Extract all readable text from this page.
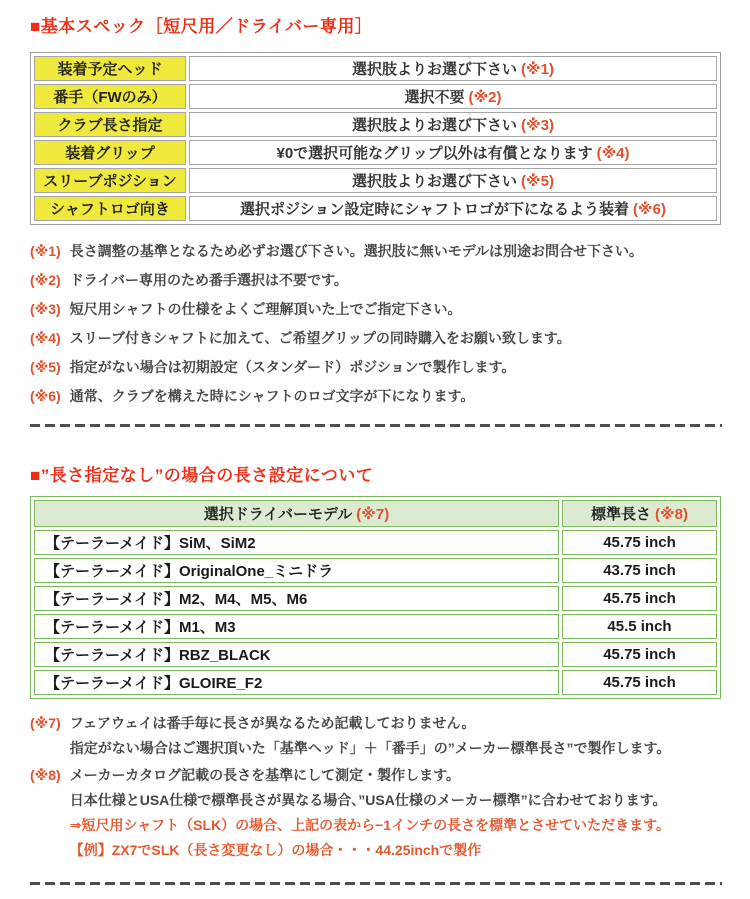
■基本スペック［短尺用／ドライバー専用］
装着予定ヘッド	選択肢よりお選び下さい (※1)
番手（FWのみ）	選択不要 (※2)
クラブ長さ指定	選択肢よりお選び下さい (※3)
装着グリップ	¥0で選択可能なグリップ以外は有償となります (※4)
スリーブポジション	選択肢よりお選び下さい (※5)
シャフトロゴ向き	選択ポジション設定時にシャフトロゴが下になるよう装着 (※6)
(※1) 長さ調整の基準となるため必ずお選び下さい。選択肢に無いモデルは別途お問合せ下さい。
(※2) ドライバー専用のため番手選択は不要です。
(※3) 短尺用シャフトの仕様をよくご理解頂いた上でご指定下さい。
(※4) スリーブ付きシャフトに加えて、ご希望グリップの同時購入をお願い致します。
(※5) 指定がない場合は初期設定（スタンダード）ポジションで製作します。
(※6) 通常、クラブを構えた時にシャフトのロゴ文字が下になります。
■”長さ指定なし”の場合の長さ設定について
選択ドライバーモデル (※7)	標準長さ (※8)
【テーラーメイド】SiM、SiM2	45.75 inch
【テーラーメイド】OriginalOne_ミニドラ	43.75 inch
【テーラーメイド】M2、M4、M5、M6	45.75 inch
【テーラーメイド】M1、M3	45.5 inch
【テーラーメイド】RBZ_BLACK	45.75 inch
【テーラーメイド】GLOIRE_F2	45.75 inch
(※7) フェアウェイは番手毎に長さが異なるため記載しておりません。
指定がない場合はご選択頂いた「基準ヘッド」＋「番手」の”メーカー標準長さ”で製作します。
(※8) メーカーカタログ記載の長さを基準にして測定・製作します。
日本仕様とUSA仕様で標準長さが異なる場合、”USA仕様のメーカー標準”に合わせております。
⇒短尺用シャフト（SLK）の場合、上記の表から−1インチの長さを標準とさせていただきます。
【例】ZX7でSLK（長さ変更なし）の場合・・・44.25inchで製作
